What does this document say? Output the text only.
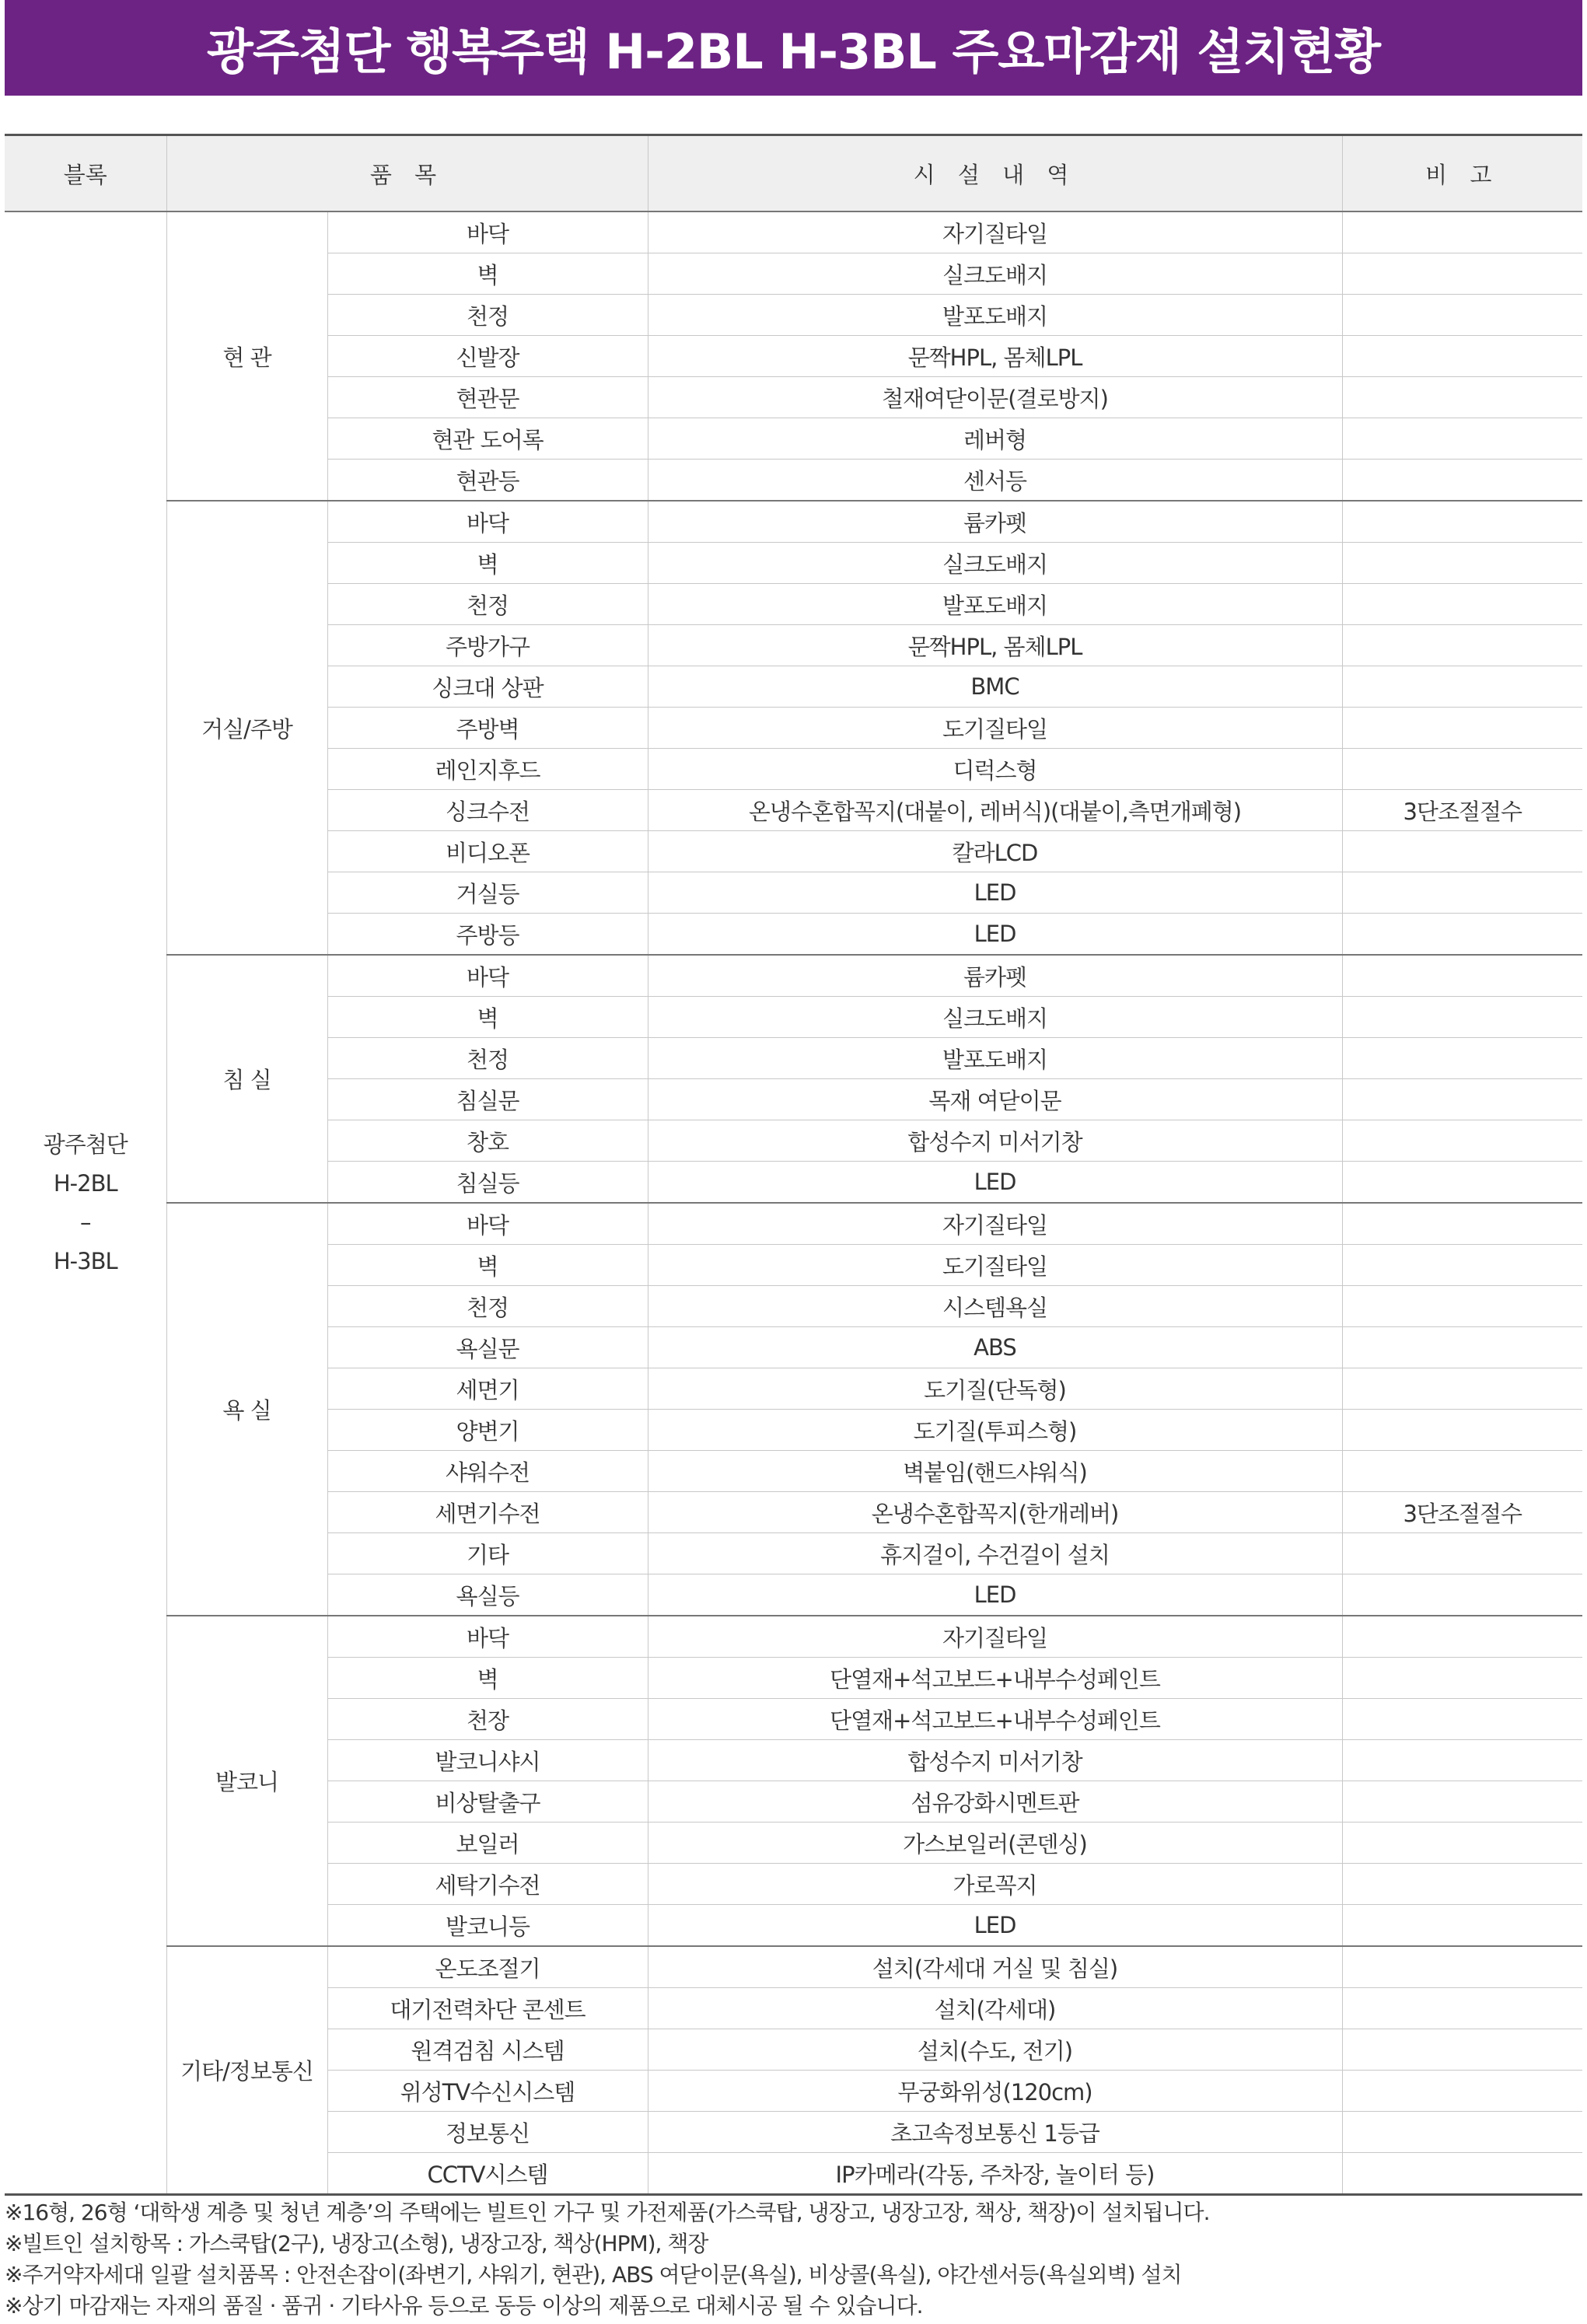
광주첨단 행복주택 H-2BL H-3BL 주요마감재 설치현황
블록	품 목		시 설 내 역	비 고

광주첨단
H-2BL
–
H-3BL	현 관	바닥	자기질타일	
		벽	실크도배지	
		천정	발포도배지	
		신발장	문짝HPL, 몸체LPL	
		현관문	철재여닫이문(결로방지)	
		현관 도어록	레버형	
		현관등	센서등	
	거실/주방	바닥	륨카펫	
		벽	실크도배지	
		천정	발포도배지	
		주방가구	문짝HPL, 몸체LPL	
		싱크대 상판	BMC	
		주방벽	도기질타일	
		레인지후드	디럭스형	
		싱크수전	온냉수혼합꼭지(대붙이, 레버식)(대붙이,측면개폐형)	3단조절절수
		비디오폰	칼라LCD	
		거실등	LED	
		주방등	LED	
	침 실	바닥	륨카펫	
		벽	실크도배지	
		천정	발포도배지	
		침실문	목재 여닫이문	
		창호	합성수지 미서기창	
		침실등	LED	
	욕 실	바닥	자기질타일	
		벽	도기질타일	
		천정	시스템욕실	
		욕실문	ABS	
		세면기	도기질(단독형)	
		양변기	도기질(투피스형)	
		샤워수전	벽붙임(핸드샤워식)	
		세면기수전	온냉수혼합꼭지(한개레버)	3단조절절수
		기타	휴지걸이, 수건걸이 설치	
		욕실등	LED	
	발코니	바닥	자기질타일	
		벽	단열재+석고보드+내부수성페인트	
		천장	단열재+석고보드+내부수성페인트	
		발코니샤시	합성수지 미서기창	
		비상탈출구	섬유강화시멘트판	
		보일러	가스보일러(콘덴싱)	
		세탁기수전	가로꼭지	
		발코니등	LED	
	기타/정보통신	온도조절기	설치(각세대 거실 및 침실)	
		대기전력차단 콘센트	설치(각세대)	
		원격검침 시스템	설치(수도, 전기)	
		위성TV수신시스템	무궁화위성(120cm)	
		정보통신	초고속정보통신 1등급	
		CCTV시스템	IP카메라(각동, 주차장, 놀이터 등)	
※16형, 26형 ‘대학생 계층 및 청년 계층’의 주택에는 빌트인 가구 및 가전제품(가스쿡탑, 냉장고, 냉장고장, 책상, 책장)이 설치됩니다.
※빌트인 설치항목 : 가스쿡탑(2구), 냉장고(소형), 냉장고장, 책상(HPM), 책장
※주거약자세대 일괄 설치품목 : 안전손잡이(좌변기, 샤워기, 현관), ABS 여닫이문(욕실), 비상콜(욕실), 야간센서등(욕실외벽) 설치
※상기 마감재는 자재의 품질 · 품귀 · 기타사유 등으로 동등 이상의 제품으로 대체시공 될 수 있습니다.
